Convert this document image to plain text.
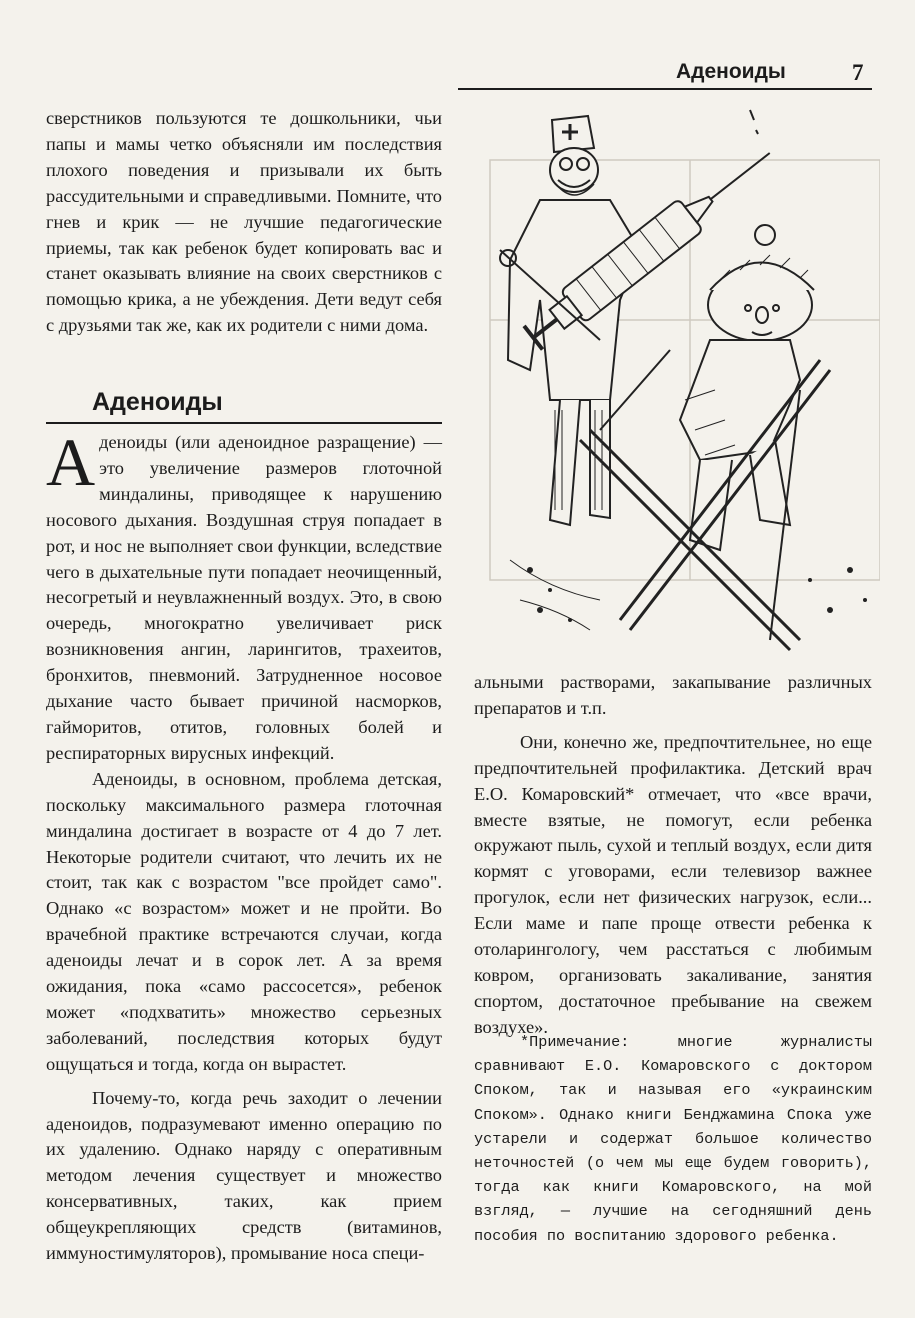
Аденоиды	7

сверстников пользуются те дошкольники, чьи папы и мамы четко объясняли им последствия плохого поведения и призывали их быть рассудительными и справедливыми. Помните, что гнев и крик — не лучшие педагогические приемы, так как ребенок будет копировать вас и станет оказывать влияние на своих сверстников с помощью крика, а не убеждения. Дети ведут себя с друзьями так же, как их родители с ними дома.

Аденоиды

Аденоиды (или аденоидное разращение) — это увеличение размеров глоточной миндалины, приводящее к нарушению носового дыхания. Воздушная струя попадает в рот, и нос не выполняет свои функции, вследствие чего в дыхательные пути попадает неочищенный, несогретый и неувлажненный воздух. Это, в свою очередь, многократно увеличивает риск возникновения ангин, ларингитов, трахеитов, бронхитов, пневмоний. Затрудненное носовое дыхание часто бывает причиной насморков, гайморитов, отитов, головных болей и респираторных вирусных инфекций.

Аденоиды, в основном, проблема детская, поскольку максимального размера глоточная миндалина достигает в возрасте от 4 до 7 лет. Некоторые родители считают, что лечить их не стоит, так как с возрастом "все пройдет само". Однако «с возрастом» может и не пройти. Во врачебной практике встречаются случаи, когда аденоиды лечат и в сорок лет. А за время ожидания, пока «само рассосется», ребенок может «подхватить» множество серьезных заболеваний, последствия которых будут ощущаться и тогда, когда он вырастет.

Почему-то, когда речь заходит о лечении аденоидов, подразумевают именно операцию по их удалению. Однако наряду с оперативным методом лечения существует и множество консервативных, таких, как прием общеукрепляющих средств (витаминов, иммуностимуляторов), промывание носа специ-

альными растворами, закапывание различных препаратов и т.п.

Они, конечно же, предпочтительнее, но еще предпочтительней профилактика. Детский врач Е.О. Комаровский* отмечает, что «все врачи, вместе взятые, не помогут, если ребенка окружают пыль, сухой и теплый воздух, если дитя кормят с уговорами, если телевизор важнее прогулок, если нет физических нагрузок, если... Если маме и папе проще отвести ребенка к отоларингологу, чем расстаться с любимым ковром, организовать закаливание, занятия спортом, достаточное пребывание на свежем воздухе».

*Примечание: многие журналисты сравнивают Е.О. Комаровского с доктором Споком, так и называя его «украинским Споком». Однако книги Бенджамина Спока уже устарели и содержат большое количество неточностей (о чем мы еще будем говорить), тогда как книги Комаровского, на мой взгляд, — лучшие на сегодняшний день пособия по воспитанию здорового ребенка.
